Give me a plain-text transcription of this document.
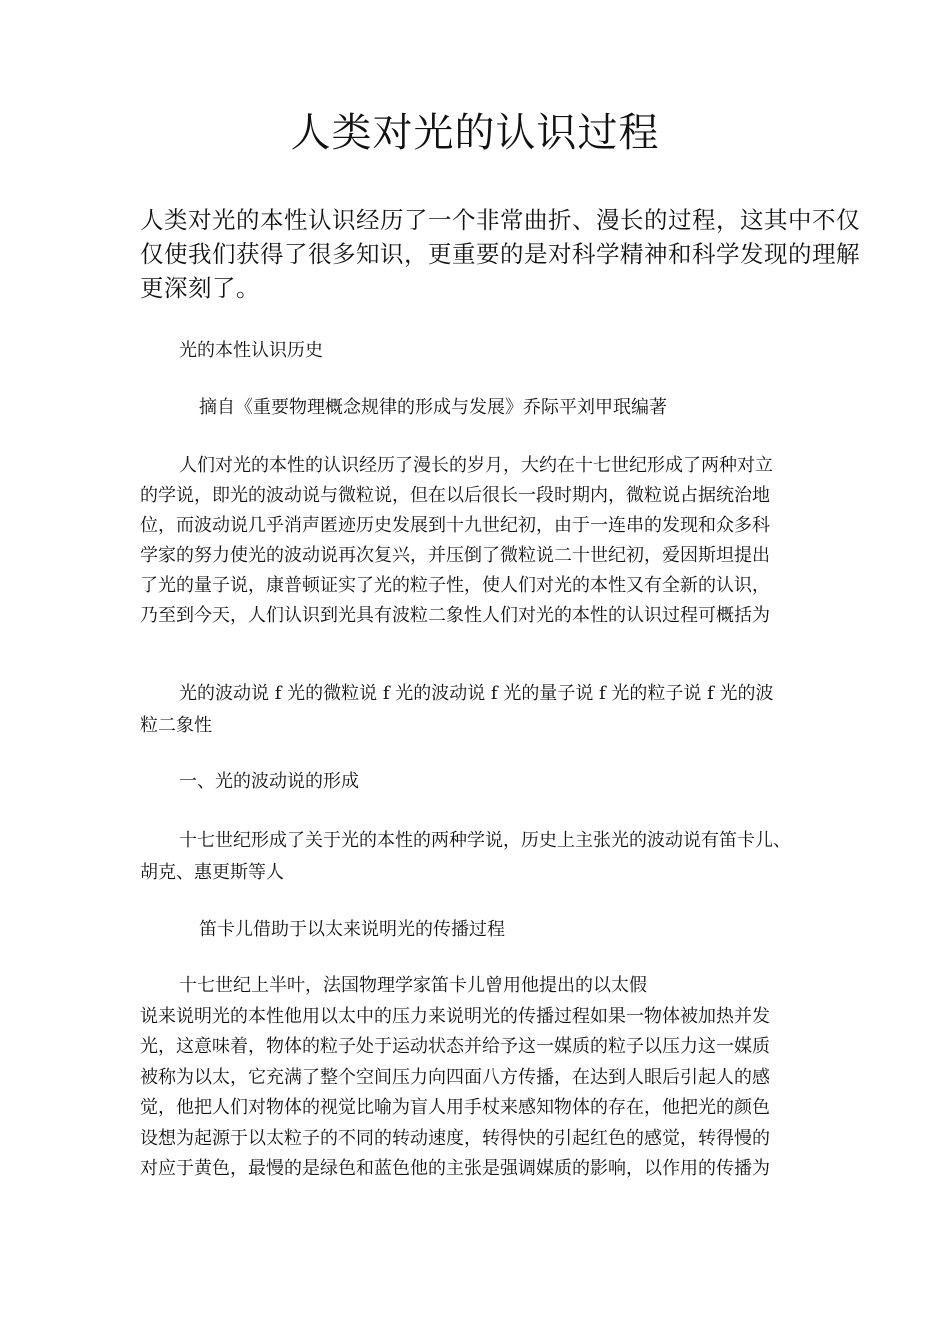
人类对光的认识过程

人类对光的本性认识经历了一个非常曲折、漫长的过程，这其中不仅
仅使我们获得了很多知识，更重要的是对科学精神和科学发现的理解
更深刻了。

光的本性认识历史

摘自《重要物理概念规律的形成与发展》乔际平刘甲珉编著

人们对光的本性的认识经历了漫长的岁月，大约在十七世纪形成了两种对立
的学说，即光的波动说与微粒说，但在以后很长一段时期内，微粒说占据统治地
位，而波动说几乎消声匿迹历史发展到十九世纪初，由于一连串的发现和众多科
学家的努力使光的波动说再次复兴，并压倒了微粒说二十世纪初，爱因斯坦提出
了光的量子说，康普顿证实了光的粒子性，使人们对光的本性又有全新的认识，
乃至到今天，人们认识到光具有波粒二象性人们对光的本性的认识过程可概括为

光的波动说 f 光的微粒说 f 光的波动说 f 光的量子说 f 光的粒子说 f 光的波
粒二象性

一、光的波动说的形成

十七世纪形成了关于光的本性的两种学说，历史上主张光的波动说有笛卡儿、
胡克、惠更斯等人

笛卡儿借助于以太来说明光的传播过程

十七世纪上半叶，法国物理学家笛卡儿曾用他提出的以太假
说来说明光的本性他用以太中的压力来说明光的传播过程如果一物体被加热并发
光，这意味着，物体的粒子处于运动状态并给予这一媒质的粒子以压力这一媒质
被称为以太，它充满了整个空间压力向四面八方传播，在达到人眼后引起人的感
觉，他把人们对物体的视觉比喻为盲人用手杖来感知物体的存在，他把光的颜色
设想为起源于以太粒子的不同的转动速度，转得快的引起红色的感觉，转得慢的
对应于黄色，最慢的是绿色和蓝色他的主张是强调媒质的影响，以作用的传播为
